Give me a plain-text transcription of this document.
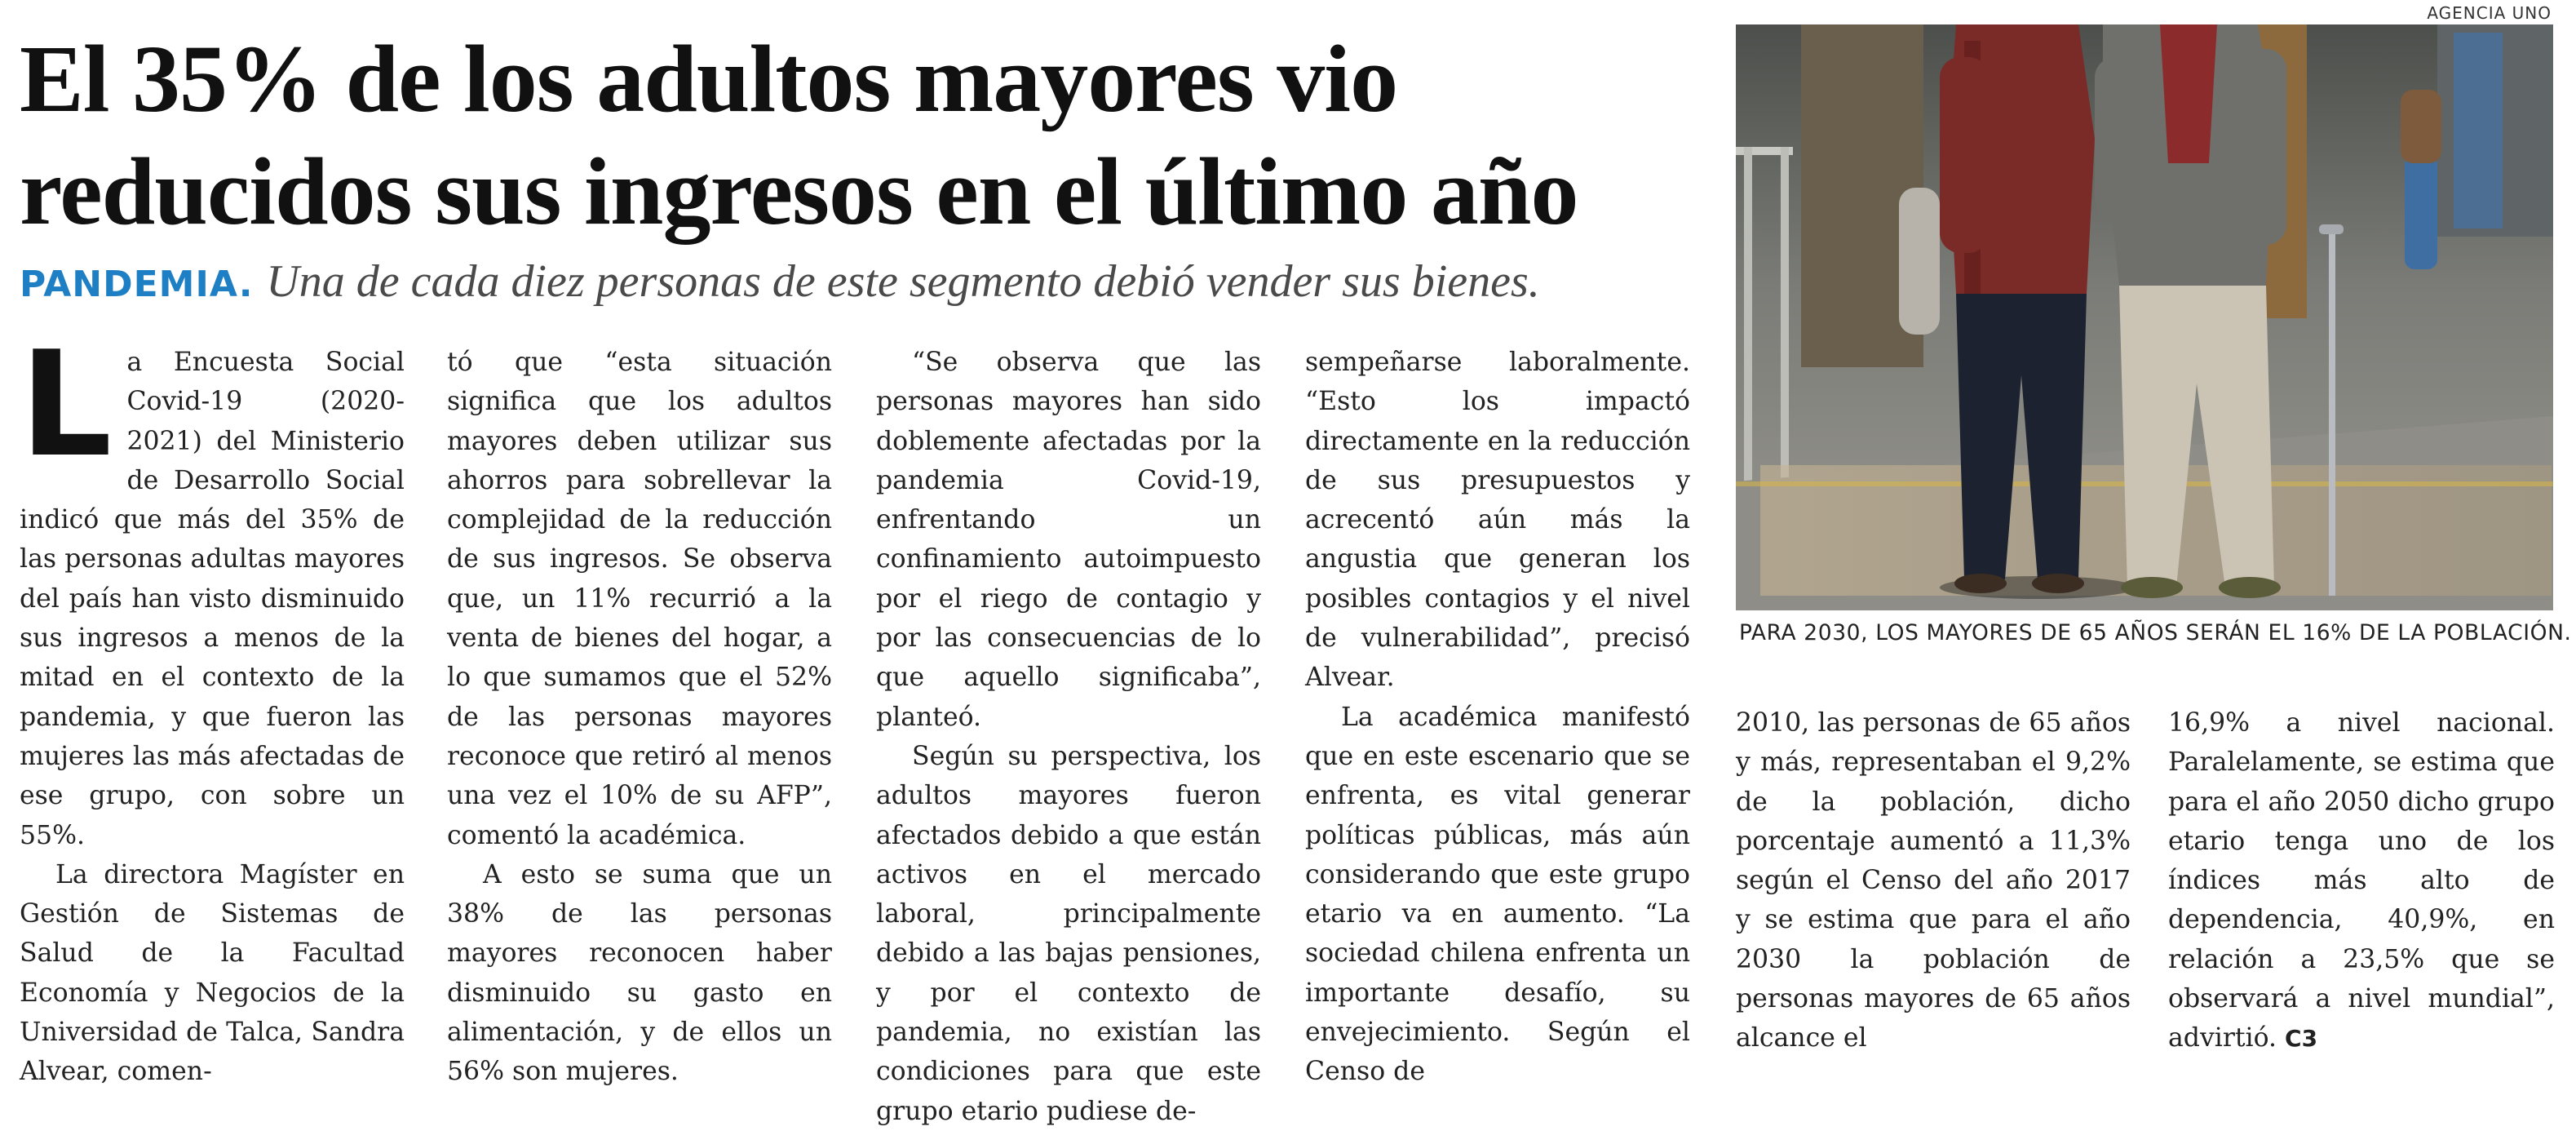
El 35% de los adultos mayores vio
reducidos sus ingresos en el último año
PANDEMIA. Una de cada diez personas de este segmento debió vender sus bienes.

La Encuesta Social Covid-19 (2020-2021) del Ministerio de Desarrollo Social indicó que más del 35% de las personas adultas mayores del país han visto disminuido sus ingresos a menos de la mitad en el contexto de la pandemia, y que fueron las mujeres las más afectadas de ese grupo, con sobre un 55%.

La directora Magíster en Gestión de Sistemas de Salud de la Facultad Economía y Negocios de la Universidad de Talca, Sandra Alvear, comen-

tó que “esta situación significa que los adultos mayores deben utilizar sus ahorros para sobrellevar la complejidad de la reducción de sus ingresos. Se observa que, un 11% recurrió a la venta de bienes del hogar, a lo que sumamos que el 52% de las personas mayores reconoce que retiró al menos una vez el 10% de su AFP”, comentó la académica.

A esto se suma que un 38% de las personas mayores reconocen haber disminuido su gasto en alimentación, y de ellos un 56% son mujeres.

“Se observa que las personas mayores han sido doblemente afectadas por la pandemia Covid-19, enfrentando un confinamiento autoimpuesto por el riego de contagio y por las consecuencias de lo que aquello significaba”, planteó.

Según su perspectiva, los adultos mayores fueron afectados debido a que están activos en el mercado laboral, principalmente debido a las bajas pensiones, y por el contexto de pandemia, no existían las condiciones para que este grupo etario pudiese de-

sempeñarse laboralmente. “Esto los impactó directamente en la reducción de sus presupuestos y acrecentó aún más la angustia que generan los posibles contagios y el nivel de vulnerabilidad”, precisó Alvear.

La académica manifestó que en este escenario que se enfrenta, es vital generar políticas públicas, más aún considerando que este grupo etario va en aumento. “La sociedad chilena enfrenta un importante desafío, su envejecimiento. Según el Censo de

2010, las personas de 65 años y más, representaban el 9,2% de la población, dicho porcentaje aumentó a 11,3% según el Censo del año 2017 y se estima que para el año 2030 la población de personas mayores de 65 años alcance el

16,9% a nivel nacional. Paralelamente, se estima que para el año 2050 dicho grupo etario tenga uno de los índices más alto de dependencia, 40,9%, en relación a 23,5% que se observará a nivel mundial”, advirtió. C3

AGENCIA UNO
PARA 2030, LOS MAYORES DE 65 AÑOS SERÁN EL 16% DE LA POBLACIÓN.
